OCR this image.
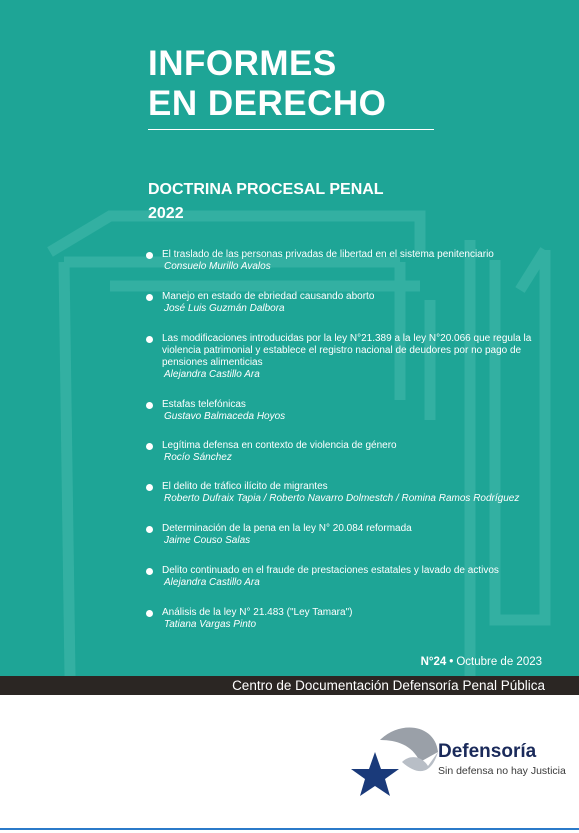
INFORMES
EN DERECHO
DOCTRINA PROCESAL PENAL
2022
El traslado de las personas privadas de libertad en el sistema penitenciario
Consuelo Murillo Avalos
Manejo en estado de ebriedad causando aborto
José Luis Guzmán Dalbora
Las modificaciones introducidas por la ley N°21.389 a la ley N°20.066 que regula la violencia patrimonial y establece el registro nacional de deudores por no pago de pensiones alimenticias
Alejandra Castillo Ara
Estafas telefónicas
Gustavo Balmaceda Hoyos
Legítima defensa en contexto de violencia de género
Rocío Sánchez
El delito de tráfico ilícito de migrantes
Roberto Dufraix Tapia / Roberto Navarro Dolmestch / Romina Ramos Rodríguez
Determinación de la pena en la ley N° 20.084 reformada
Jaime Couso Salas
Delito continuado en el fraude de prestaciones estatales y lavado de activos
Alejandra Castillo Ara
Análisis de la ley N° 21.483 ("Ley Tamara")
Tatiana Vargas Pinto
N°24 • Octubre de 2023
Centro de Documentación Defensoría Penal Pública
Defensoría
Sin defensa no hay Justicia
